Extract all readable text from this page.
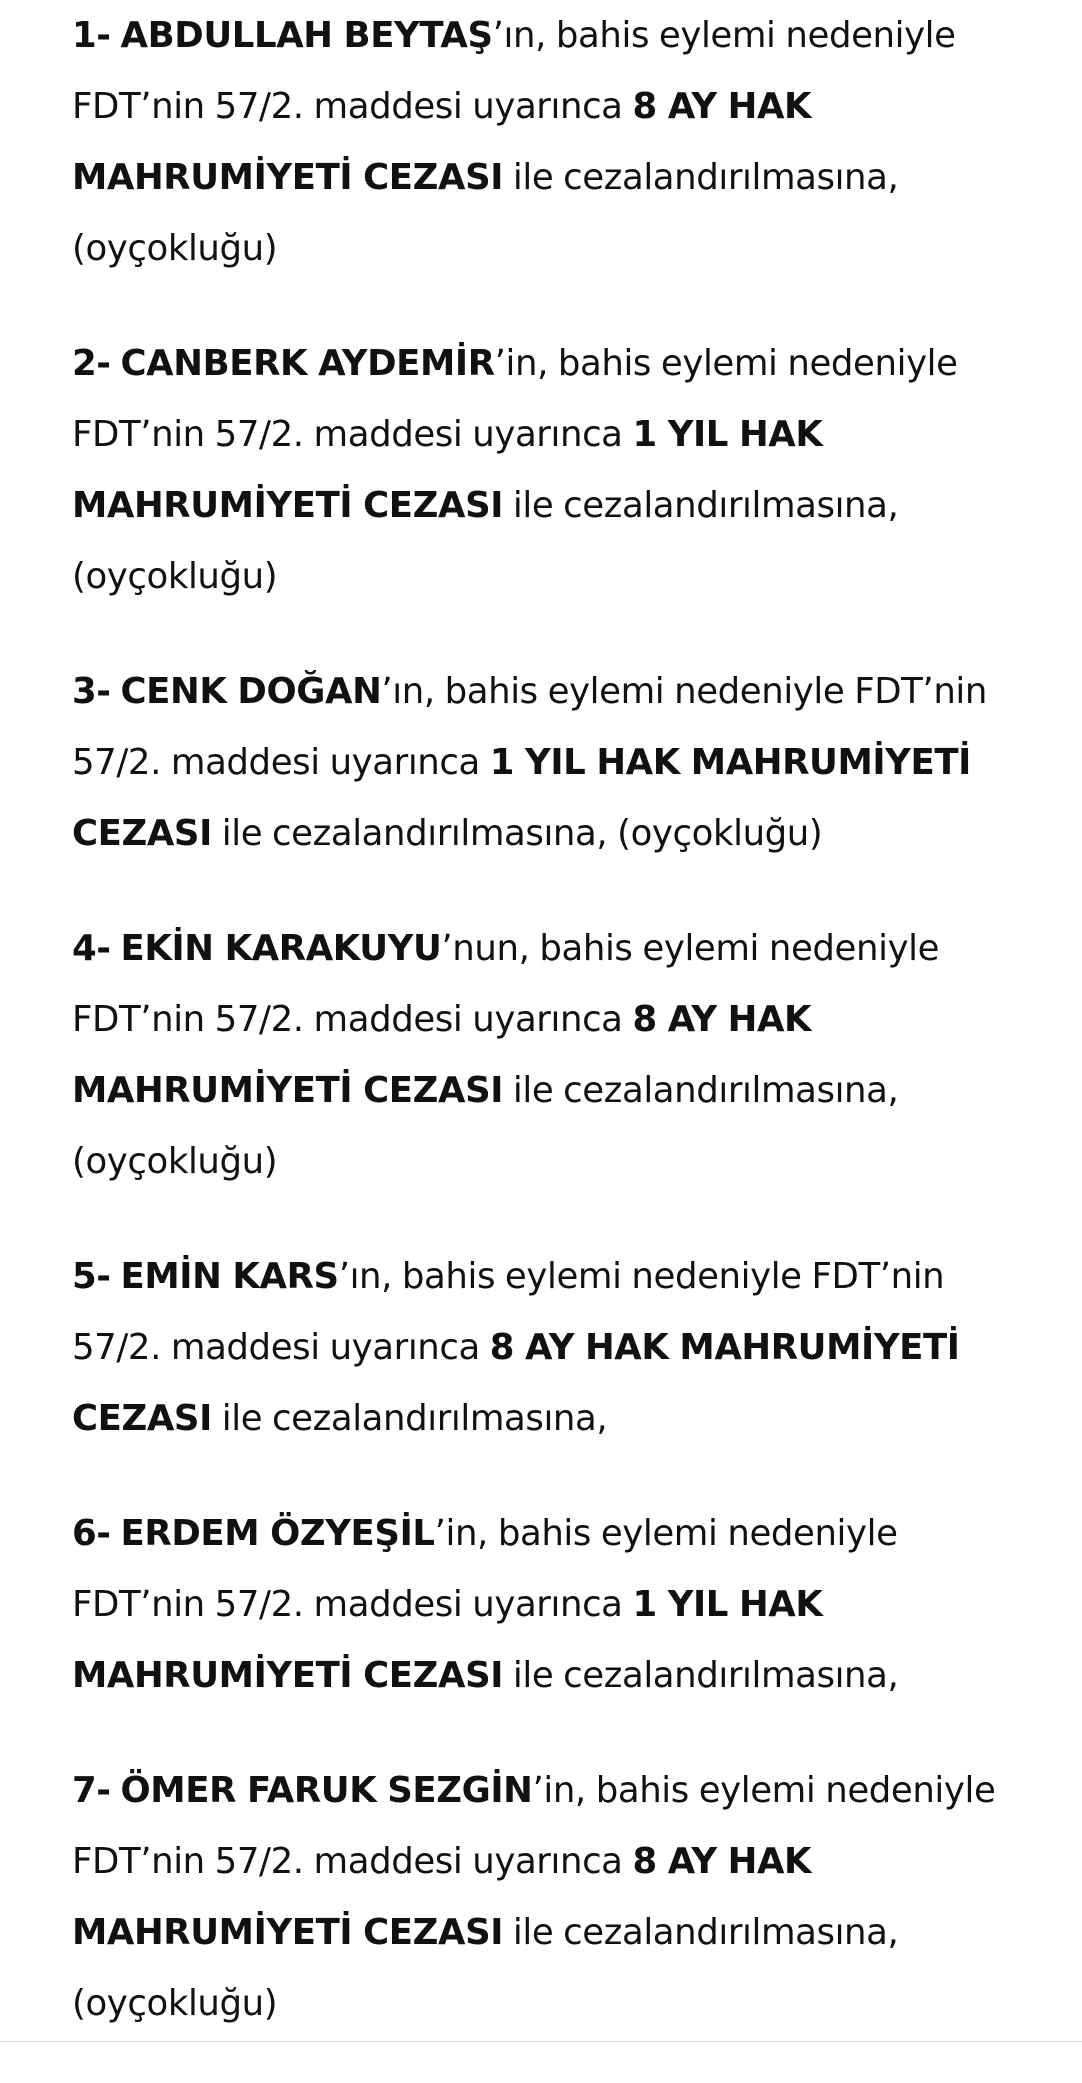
1- ABDULLAH BEYTAŞ’ın, bahis eylemi nedeniyle FDT’nin 57/2. maddesi uyarınca 8 AY HAK MAHRUMİYETİ CEZASI ile cezalandırılmasına, (oyçokluğu)

2- CANBERK AYDEMİR’in, bahis eylemi nedeniyle FDT’nin 57/2. maddesi uyarınca 1 YIL HAK MAHRUMİYETİ CEZASI ile cezalandırılmasına, (oyçokluğu)

3- CENK DOĞAN’ın, bahis eylemi nedeniyle FDT’nin 57/2. maddesi uyarınca 1 YIL HAK MAHRUMİYETİ CEZASI ile cezalandırılmasına, (oyçokluğu)

4- EKİN KARAKUYU’nun, bahis eylemi nedeniyle FDT’nin 57/2. maddesi uyarınca 8 AY HAK MAHRUMİYETİ CEZASI ile cezalandırılmasına, (oyçokluğu)

5- EMİN KARS’ın, bahis eylemi nedeniyle FDT’nin 57/2. maddesi uyarınca 8 AY HAK MAHRUMİYETİ CEZASI ile cezalandırılmasına,

6- ERDEM ÖZYEŞİL’in, bahis eylemi nedeniyle FDT’nin 57/2. maddesi uyarınca 1 YIL HAK MAHRUMİYETİ CEZASI ile cezalandırılmasına,

7- ÖMER FARUK SEZGİN’in, bahis eylemi nedeniyle FDT’nin 57/2. maddesi uyarınca 8 AY HAK MAHRUMİYETİ CEZASI ile cezalandırılmasına, (oyçokluğu)
